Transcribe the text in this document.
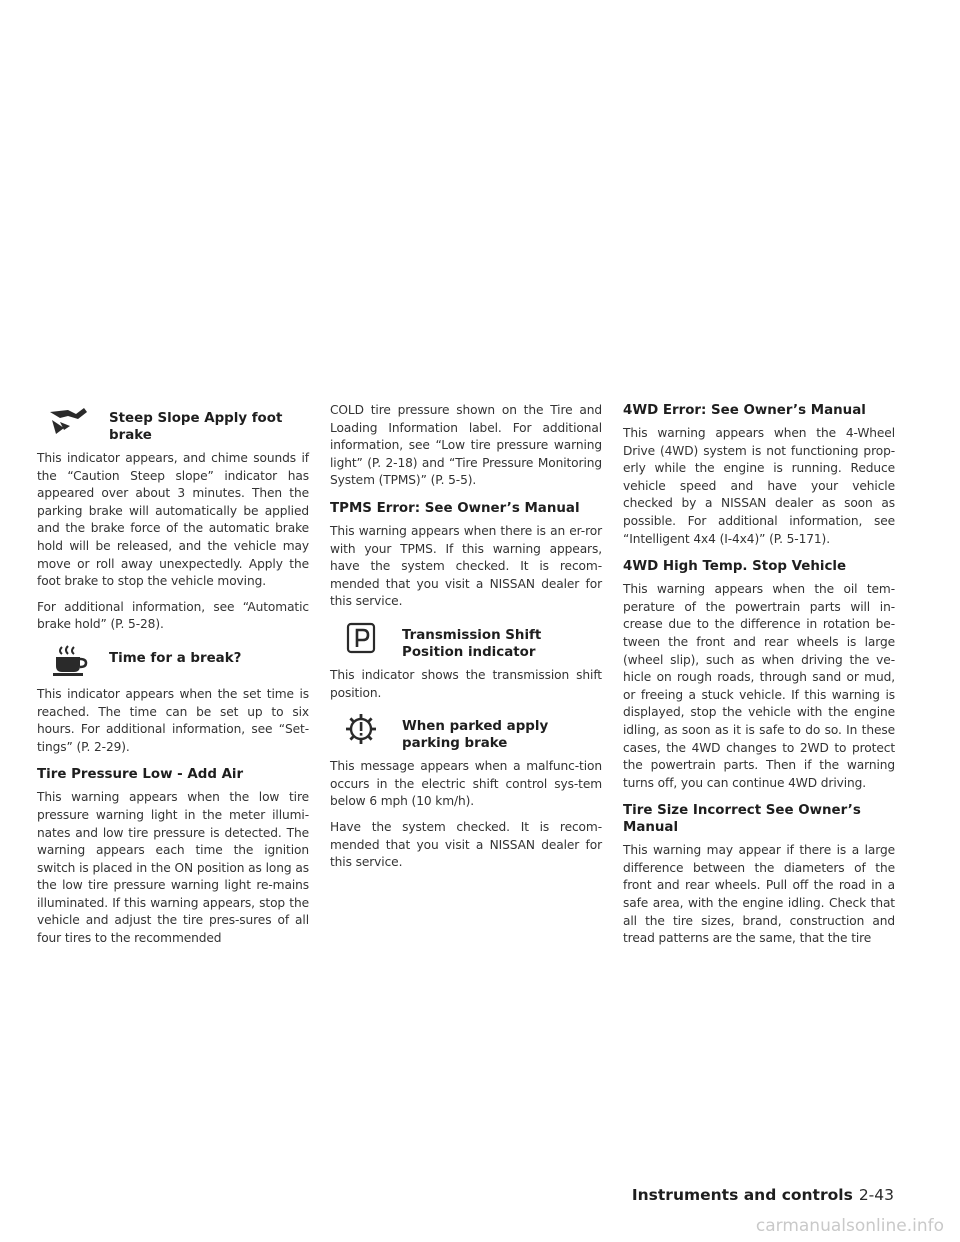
Steep Slope Apply foot brake

This indicator appears, and chime sounds if the “Caution Steep slope” indicator has appeared over about 3 minutes. Then the parking brake will automatically be applied and the brake force of the automatic brake hold will be released, and the vehicle may move or roll away unexpectedly. Apply the foot brake to stop the vehicle moving.

For additional information, see “Automatic brake hold” (P. 5-28).

Time for a break?

This indicator appears when the set time is reached. The time can be set up to six hours. For additional information, see “Set-tings” (P. 2-29).

Tire Pressure Low - Add Air

This warning appears when the low tire pressure warning light in the meter illumi-nates and low tire pressure is detected. The warning appears each time the ignition switch is placed in the ON position as long as the low tire pressure warning light re-mains illuminated. If this warning appears, stop the vehicle and adjust the tire pres-sures of all four tires to the recommended

COLD tire pressure shown on the Tire and Loading Information label. For additional information, see “Low tire pressure warning light” (P. 2-18) and “Tire Pressure Monitoring System (TPMS)” (P. 5-5).

TPMS Error: See Owner’s Manual

This warning appears when there is an er-ror with your TPMS. If this warning appears, have the system checked. It is recom-mended that you visit a NISSAN dealer for this service.

Transmission Shift Position indicator

This indicator shows the transmission shift position.

When parked apply parking brake

This message appears when a malfunc-tion occurs in the electric shift control sys-tem below 6 mph (10 km/h).

Have the system checked. It is recom-mended that you visit a NISSAN dealer for this service.

4WD Error: See Owner’s Manual

This warning appears when the 4-Wheel Drive (4WD) system is not functioning prop-erly while the engine is running. Reduce vehicle speed and have your vehicle checked by a NISSAN dealer as soon as possible. For additional information, see “Intelligent 4x4 (I-4x4)” (P. 5-171).

4WD High Temp. Stop Vehicle

This warning appears when the oil tem-perature of the powertrain parts will in-crease due to the difference in rotation be-tween the front and rear wheels is large (wheel slip), such as when driving the ve-hicle on rough roads, through sand or mud, or freeing a stuck vehicle. If this warning is displayed, stop the vehicle with the engine idling, as soon as it is safe to do so. In these cases, the 4WD changes to 2WD to protect the powertrain parts. Then if the warning turns off, you can continue 4WD driving.

Tire Size Incorrect See Owner’s Manual

This warning may appear if there is a large difference between the diameters of the front and rear wheels. Pull off the road in a safe area, with the engine idling. Check that all the tire sizes, brand, construction and tread patterns are the same, that the tire

Instruments and controls 2-43
carmanualsonline.info
